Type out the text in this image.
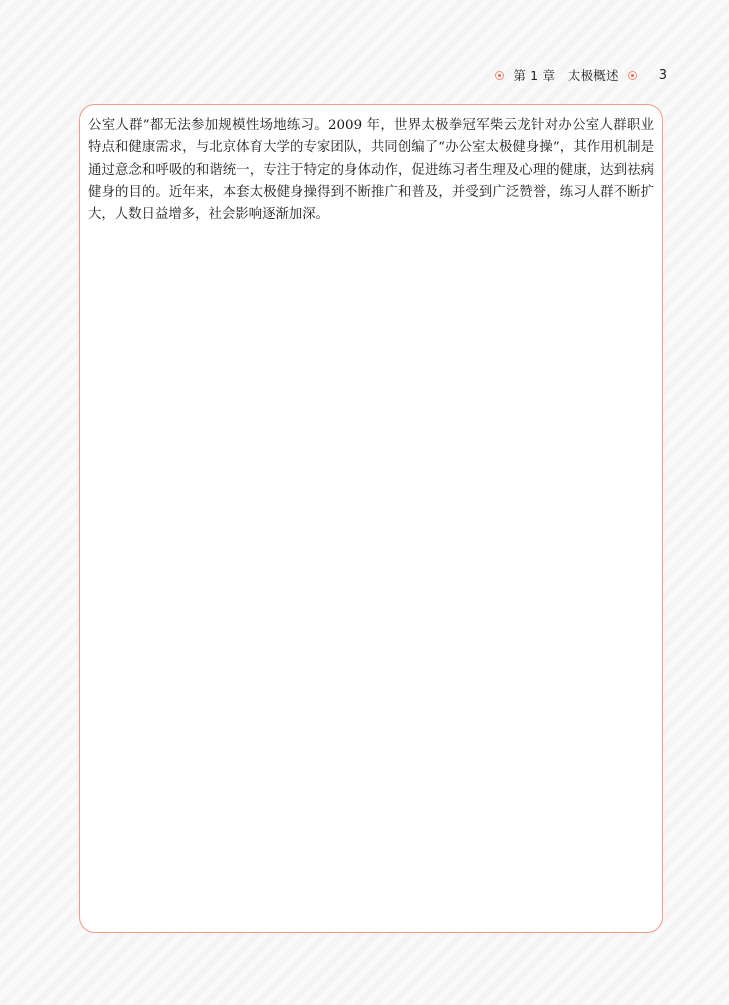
第 1 章　太极概述	3

公室人群”都无法参加规模性场地练习。2009 年，世界太极拳冠军柴云龙针对办公室人群职业特点和健康需求，与北京体育大学的专家团队，共同创编了“办公室太极健身操”，其作用机制是通过意念和呼吸的和谐统一，专注于特定的身体动作，促进练习者生理及心理的健康，达到祛病健身的目的。近年来，本套太极健身操得到不断推广和普及，并受到广泛赞誉，练习人群不断扩大，人数日益增多，社会影响逐渐加深。
